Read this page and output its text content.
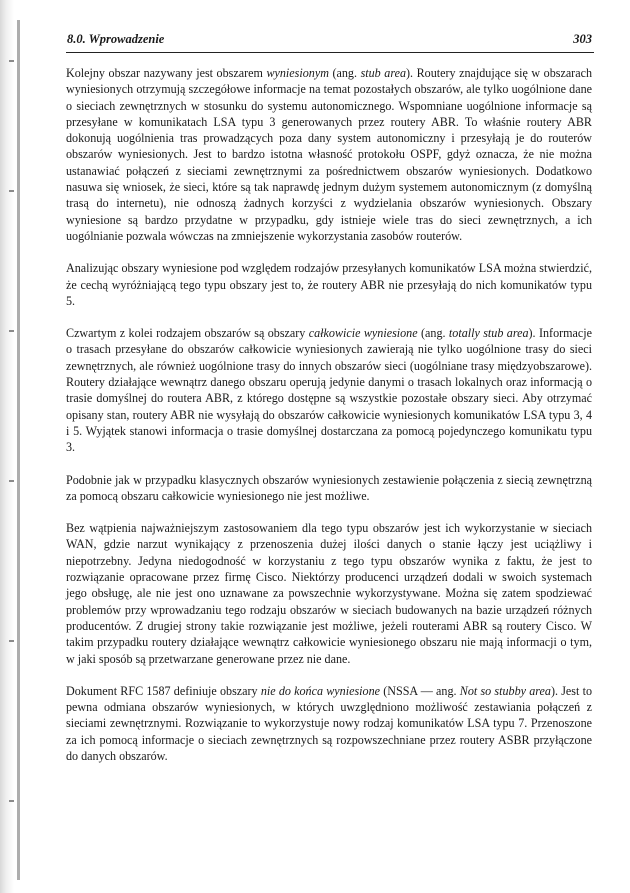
8.0. Wprowadzenie	303

Kolejny obszar nazywany jest obszarem wyniesionym (ang. stub area). Routery znajdujące się w obszarach wyniesionych otrzymują szczegółowe informacje na temat pozostałych obszarów, ale tylko uogólnione dane o sieciach zewnętrznych w stosunku do systemu autonomicznego. Wspomniane uogólnione informacje są przesyłane w komunikatach LSA typu 3 generowanych przez routery ABR. To właśnie routery ABR dokonują uogólnienia tras prowadzących poza dany system autonomiczny i przesyłają je do routerów obszarów wyniesionych. Jest to bardzo istotna własność protokołu OSPF, gdyż oznacza, że nie można ustanawiać połączeń z sieciami zewnętrznymi za pośrednictwem obszarów wyniesionych. Dodatkowo nasuwa się wniosek, że sieci, które są tak naprawdę jednym dużym systemem autonomicznym (z domyślną trasą do internetu), nie odnoszą żadnych korzyści z wydzielania obszarów wyniesionych. Obszary wyniesione są bardzo przydatne w przypadku, gdy istnieje wiele tras do sieci zewnętrznych, a ich uogólnianie pozwala wówczas na zmniejszenie wykorzystania zasobów routerów.

Analizując obszary wyniesione pod względem rodzajów przesyłanych komunikatów LSA można stwierdzić, że cechą wyróżniającą tego typu obszary jest to, że routery ABR nie przesyłają do nich komunikatów typu 5.

Czwartym z kolei rodzajem obszarów są obszary całkowicie wyniesione (ang. totally stub area). Informacje o trasach przesyłane do obszarów całkowicie wyniesionych zawierają nie tylko uogólnione trasy do sieci zewnętrznych, ale również uogólnione trasy do innych obszarów sieci (uogólniane trasy międzyobszarowe). Routery działające wewnątrz danego obszaru operują jedynie danymi o trasach lokalnych oraz informacją o trasie domyślnej do routera ABR, z którego dostępne są wszystkie pozostałe obszary sieci. Aby otrzymać opisany stan, routery ABR nie wysyłają do obszarów całkowicie wyniesionych komunikatów LSA typu 3, 4 i 5. Wyjątek stanowi informacja o trasie domyślnej dostarczana za pomocą pojedynczego komunikatu typu 3.

Podobnie jak w przypadku klasycznych obszarów wyniesionych zestawienie połączenia z siecią zewnętrzną za pomocą obszaru całkowicie wyniesionego nie jest możliwe.

Bez wątpienia najważniejszym zastosowaniem dla tego typu obszarów jest ich wykorzystanie w sieciach WAN, gdzie narzut wynikający z przenoszenia dużej ilości danych o stanie łączy jest uciążliwy i niepotrzebny. Jedyna niedogodność w korzystaniu z tego typu obszarów wynika z faktu, że jest to rozwiązanie opracowane przez firmę Cisco. Niektórzy producenci urządzeń dodali w swoich systemach jego obsługę, ale nie jest ono uznawane za powszechnie wykorzystywane. Można się zatem spodziewać problemów przy wprowadzaniu tego rodzaju obszarów w sieciach budowanych na bazie urządzeń różnych producentów. Z drugiej strony takie rozwiązanie jest możliwe, jeżeli routerami ABR są routery Cisco. W takim przypadku routery działające wewnątrz całkowicie wyniesionego obszaru nie mają informacji o tym, w jaki sposób są przetwarzane generowane przez nie dane.

Dokument RFC 1587 definiuje obszary nie do końca wyniesione (NSSA — ang. Not so stubby area). Jest to pewna odmiana obszarów wyniesionych, w których uwzględniono możliwość zestawiania połączeń z sieciami zewnętrznymi. Rozwiązanie to wykorzystuje nowy rodzaj komunikatów LSA typu 7. Przenoszone za ich pomocą informacje o sieciach zewnętrznych są rozpowszechniane przez routery ASBR przyłączone do danych obszarów.
